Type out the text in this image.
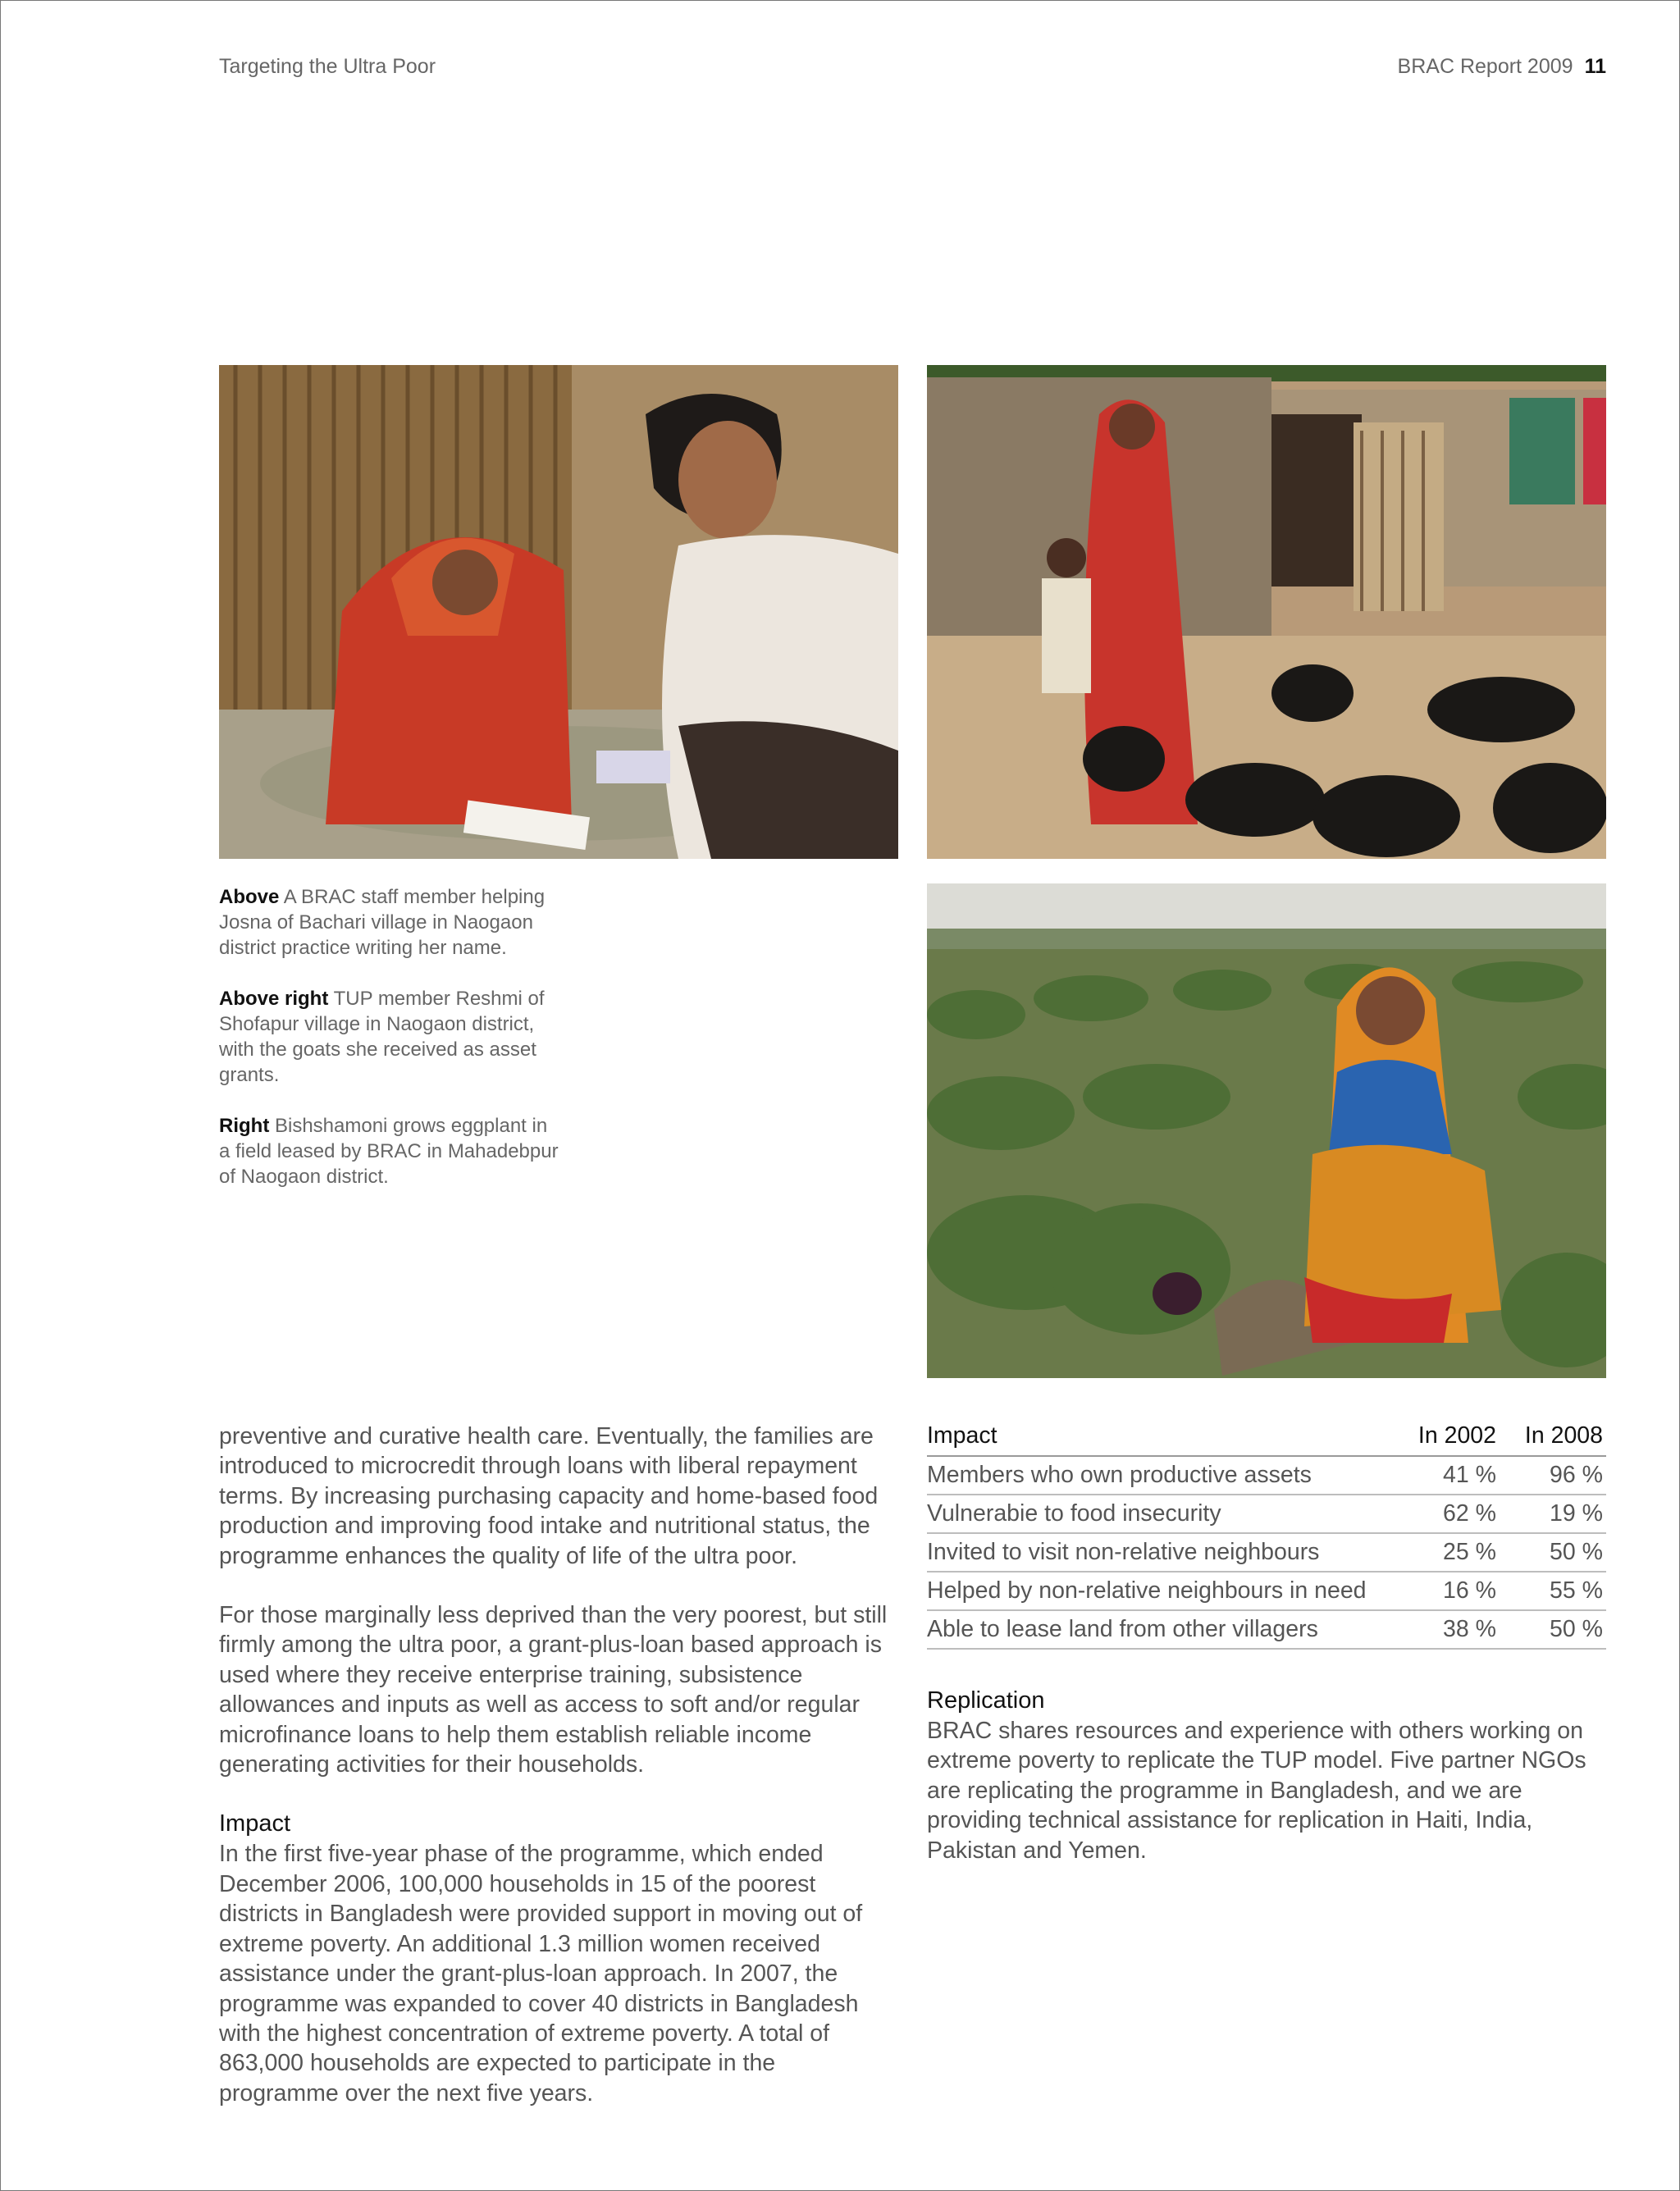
Targeting the Ultra Poor	BRAC Report 2009 11

Above A BRAC staff member helping Josna of Bachari village in Naogaon district practice writing her name.

Above right TUP member Reshmi of Shofapur village in Naogaon district, with the goats she received as asset grants.

Right Bishshamoni grows eggplant in a field leased by BRAC in Mahadebpur of Naogaon district.

preventive and curative health care. Eventually, the families are introduced to microcredit through loans with liberal repayment terms. By increasing purchasing capacity and home-based food production and improving food intake and nutritional status, the programme enhances the quality of life of the ultra poor.

For those marginally less deprived than the very poorest, but still firmly among the ultra poor, a grant-plus-loan based approach is used where they receive enterprise training, subsistence allowances and inputs as well as access to soft and/or regular microfinance loans to help them establish reliable income generating activities for their households.

Impact

In the first five-year phase of the programme, which ended December 2006, 100,000 households in 15 of the poorest districts in Bangladesh were provided support in moving out of extreme poverty. An additional 1.3 million women received assistance under the grant-plus-loan approach. In 2007, the programme was expanded to cover 40 districts in Bangladesh with the highest concentration of extreme poverty. A total of 863,000 households are expected to participate in the programme over the next five years.

Impact	In 2002	In 2008
Members who own productive assets	41 %	96 %
Vulnerabie to food insecurity	62 %	19 %
Invited to visit non-relative neighbours	25 %	50 %
Helped by non-relative neighbours in need	16 %	55 %
Able to lease land from other villagers	38 %	50 %
Replication

BRAC shares resources and experience with others working on extreme poverty to replicate the TUP model. Five partner NGOs are replicating the programme in Bangladesh, and we are providing technical assistance for replication in Haiti, India, Pakistan and Yemen.
